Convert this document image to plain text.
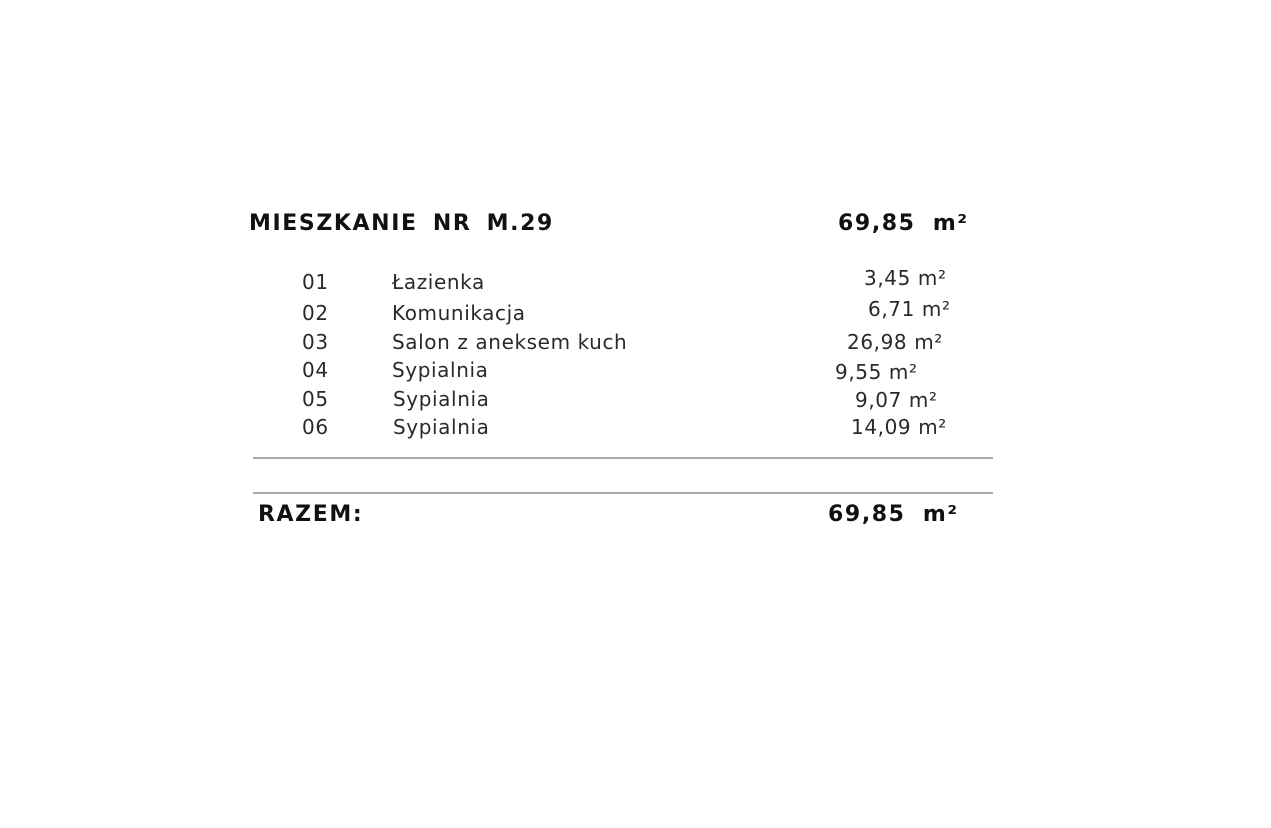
MIESZKANIE NR M.29	69,85 m²
01	Łazienka	3,45 m²
02	Komunikacja	6,71 m²
03	Salon z aneksem kuch	26,98 m²
04	Sypialnia	9,55 m²
05	Sypialnia	9,07 m²
06	Sypialnia	14,09 m²
RAZEM:	69,85 m²
